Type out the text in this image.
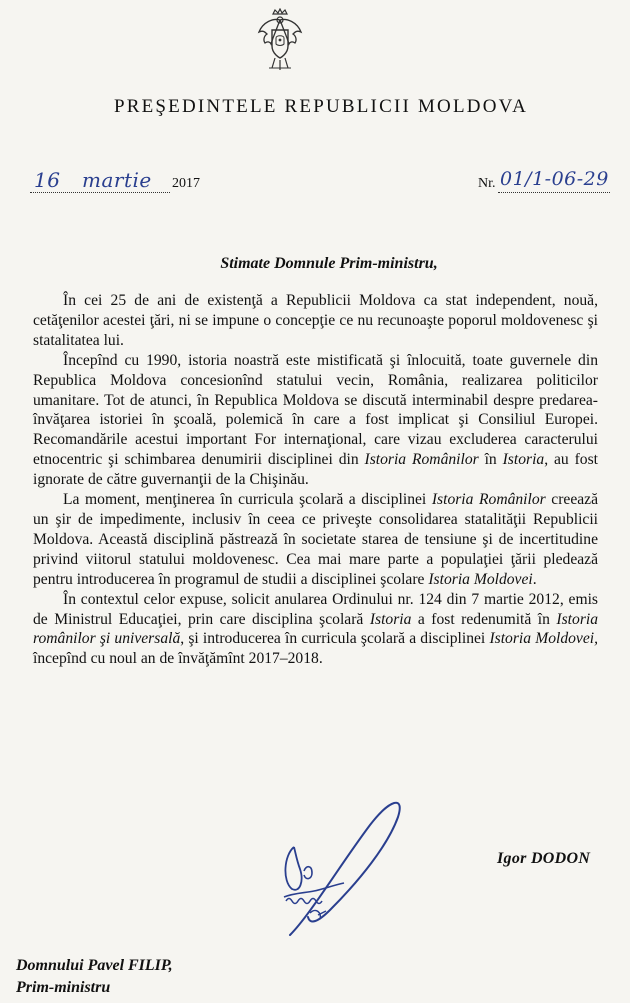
PREŞEDINTELE REPUBLICII MOLDOVA
16 martie 2017	Nr. 01/1-06-29
Stimate Domnule Prim-ministru,

În cei 25 de ani de existenţă a Republicii Moldova ca stat independent, nouă, cetăţenilor acestei ţări, ni se impune o concepţie ce nu recunoaşte poporul moldovenesc şi statalitatea lui.

Începînd cu 1990, istoria noastră este mistificată şi înlocuită, toate guvernele din Republica Moldova concesionînd statului vecin, România, realizarea politicilor umanitare. Tot de atunci, în Republica Moldova se discută interminabil despre predarea-învăţarea istoriei în şcoală, polemică în care a fost implicat şi Consiliul Europei. Recomandările acestui important For internaţional, care vizau excluderea caracterului etnocentric şi schimbarea denumirii disciplinei din Istoria Românilor în Istoria, au fost ignorate de către guvernanţii de la Chişinău.

La moment, menţinerea în curricula şcolară a disciplinei Istoria Românilor creează un şir de impedimente, inclusiv în ceea ce priveşte consolidarea statalităţii Republicii Moldova. Această disciplină păstrează în societate starea de tensiune şi de incertitudine privind viitorul statului moldovenesc. Cea mai mare parte a populaţiei ţării pledează pentru introducerea în programul de studii a disciplinei şcolare Istoria Moldovei.

În contextul celor expuse, solicit anularea Ordinului nr. 124 din 7 martie 2012, emis de Ministrul Educaţiei, prin care disciplina şcolară Istoria a fost redenumită în Istoria românilor şi universală, şi introducerea în curricula şcolară a disciplinei Istoria Moldovei, începînd cu noul an de învăţămînt 2017–2018.

Igor DODON
Domnului Pavel FILIP,
Prim-ministru
